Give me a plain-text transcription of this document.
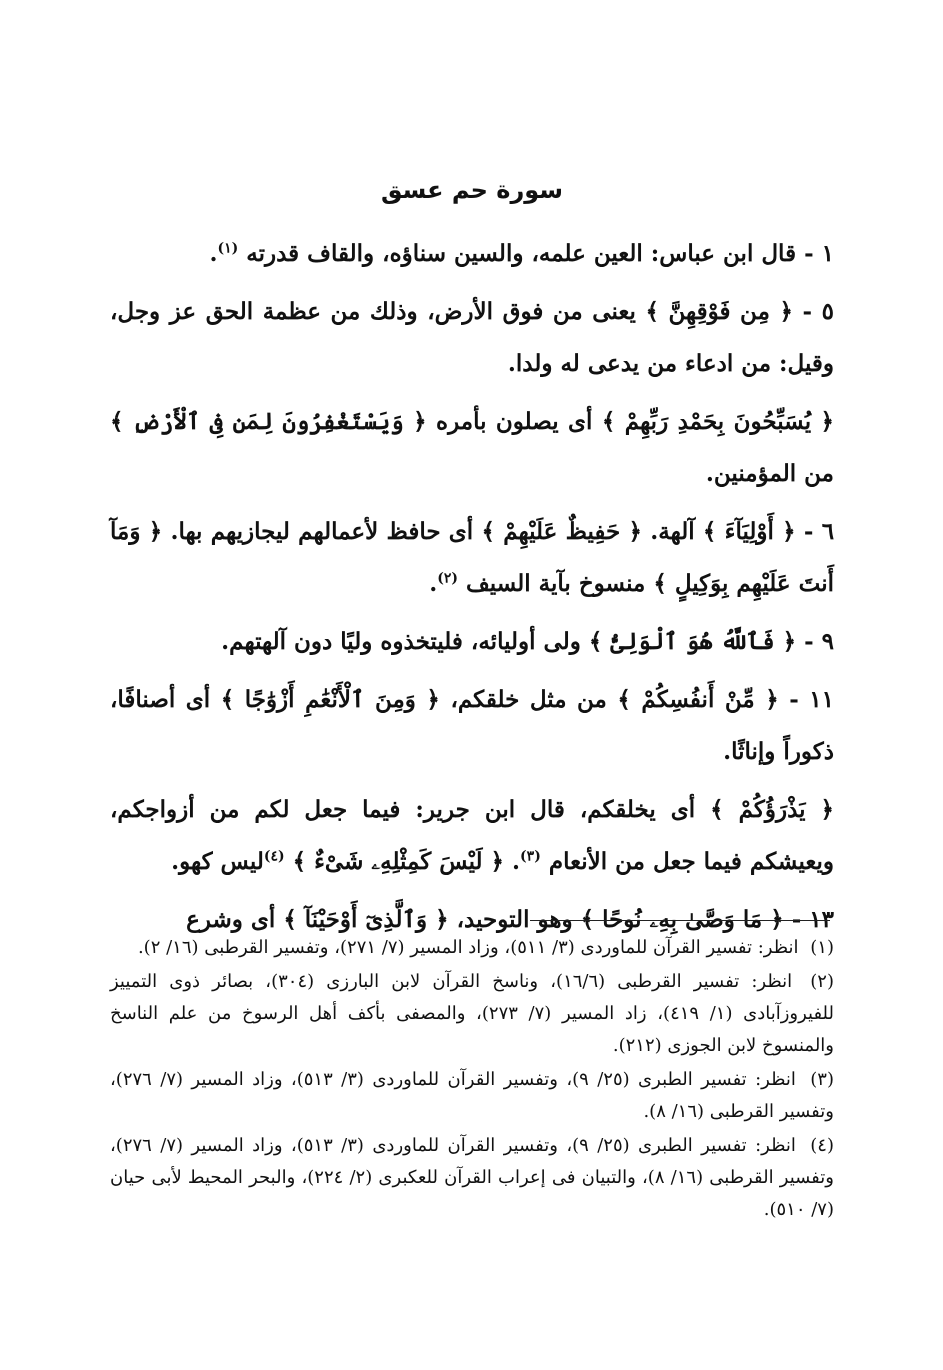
سورة حم عسق
١ - قال ابن عباس: العين علمه، والسين سناؤه، والقاف قدرته $^{(١)}$.
٥ - ﴿ مِن فَوْقِهِنَّ ﴾ يعنى من فوق الأرض، وذلك من عظمة الحق عز وجل، وقيل: من ادعاء من يدعى له ولدا.
﴿ يُسَبِّحُونَ بِحَمْدِ رَبِّهِمْ ﴾ أى يصلون بأمره ﴿ وَيَسْتَغْفِرُونَ لِمَن فِى ٱلْأَرْضِ ﴾ من المؤمنين.
٦ - ﴿ أَوْلِيَآءَ ﴾ آلهة. ﴿ حَفِيظٌ عَلَيْهِمْ ﴾ أى حافظ لأعمالهم ليجازيهم بها. ﴿ وَمَآ أَنتَ عَلَيْهِم بِوَكِيلٍ ﴾ منسوخ بآية السيف $^{(٢)}$.
٩ - ﴿ فَٱللَّهُ هُوَ ٱلْوَلِىُّ ﴾ ولى أوليائه، فليتخذوه وليًا دون آلهتهم.
١١ - ﴿ مِّنْ أَنفُسِكُمْ ﴾ من مثل خلقكم، ﴿ وَمِنَ ٱلْأَنْعَٰمِ أَزْوَٰجًا ﴾ أى أصنافًا، ذكوراً وإناثًا.
﴿ يَذْرَؤُكُمْ ﴾ أى يخلقكم، قال ابن جرير: فيما جعل لكم من أزواجكم، ويعيشكم فيما جعل من الأنعام $^{(٣)}$. ﴿ لَيْسَ كَمِثْلِهِۦ شَىْءٌ ﴾ $^{(٤)}$ليس كهو.
١٣ - ﴿ مَا وَصَّىٰ بِهِۦ نُوحًا ﴾ وهو التوحيد، ﴿ وَٱلَّذِىٓ أَوْحَيْنَآ ﴾ أى وشرع
(١) انظر: تفسير القرآن للماوردى (٣/ ٥١١)، وزاد المسير (٧/ ٢٧١)، وتفسير القرطبى (١٦/ ٢).
(٢) انظر: تفسير القرطبى (١٦/٦)، وناسخ القرآن لابن البارزى (٣٠٤)، بصائر ذوى التمييز للفيروزآبادى (١/ ٤١٩)، زاد المسير (٧/ ٢٧٣)، والمصفى بأكف أهل الرسوخ من علم الناسخ والمنسوخ لابن الجوزى (٢١٢).
(٣) انظر: تفسير الطبرى (٢٥/ ٩)، وتفسير القرآن للماوردى (٣/ ٥١٣)، وزاد المسير (٧/ ٢٧٦)، وتفسير القرطبى (١٦/ ٨).
(٤) انظر: تفسير الطبرى (٢٥/ ٩)، وتفسير القرآن للماوردى (٣/ ٥١٣)، وزاد المسير (٧/ ٢٧٦)، وتفسير القرطبى (١٦/ ٨)، والتبيان فى إعراب القرآن للعكبرى (٢/ ٢٢٤)، والبحر المحيط لأبى حيان (٧/ ٥١٠).
